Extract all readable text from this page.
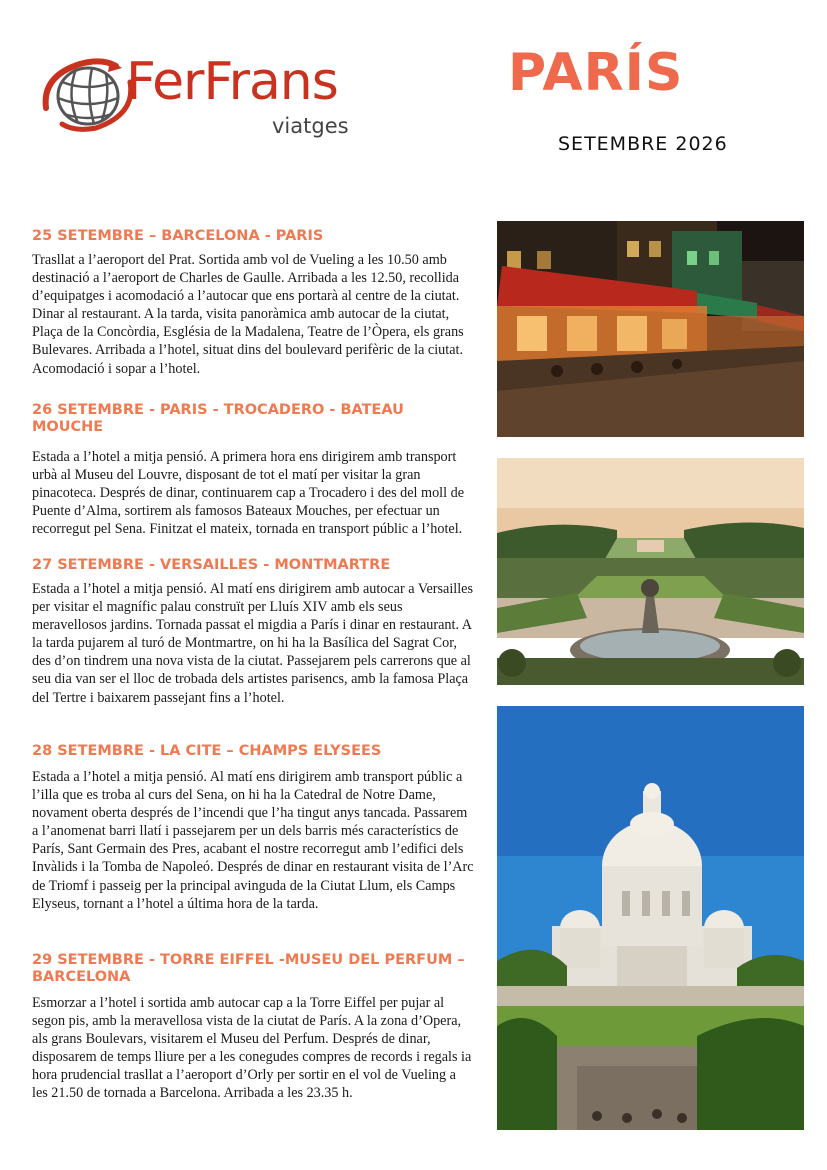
FerFrans
viatges
PARÍS
SETEMBRE 2026
25 SETEMBRE – BARCELONA - PARIS

Trasllat a l’aeroport del Prat. Sortida amb vol de Vueling a les 10.50 amb destinació a l’aeroport de Charles de Gaulle. Arribada a les 12.50, recollida d’equipatges i acomodació a l’autocar que ens portarà al centre de la ciutat. Dinar al restaurant. A la tarda, visita panoràmica amb autocar de la ciutat, Plaça de la Concòrdia, Església de la Madalena, Teatre de l’Òpera, els grans Bulevares. Arribada a l’hotel, situat dins del boulevard perifèric de la ciutat. Acomodació i sopar a l’hotel.

26 SETEMBRE - PARIS - TROCADERO - BATEAU MOUCHE

Estada a l’hotel a mitja pensió. A primera hora ens dirigirem amb transport urbà al Museu del Louvre, disposant de tot el matí per visitar la gran pinacoteca. Després de dinar, continuarem cap a Trocadero i des del moll de Puente d’Alma, sortirem als famosos Bateaux Mouches, per efectuar un recorregut pel Sena. Finitzat el mateix, tornada en transport públic a l’hotel.

27 SETEMBRE - VERSAILLES - MONTMARTRE

Estada a l’hotel a mitja pensió. Al matí ens dirigirem amb autocar a Versailles per visitar el magnífic palau construït per Lluís XIV amb els seus meravellosos jardins. Tornada passat el migdia a París i dinar en restaurant. A la tarda pujarem al turó de Montmartre, on hi ha la Basílica del Sagrat Cor, des d’on tindrem una nova vista de la ciutat. Passejarem pels carrerons que al seu dia van ser el lloc de trobada dels artistes parisencs, amb la famosa Plaça del Tertre i baixarem passejant fins a l’hotel.

28 SETEMBRE - LA CITE – CHAMPS ELYSEES

Estada a l’hotel a mitja pensió. Al matí ens dirigirem amb transport públic a l’illa que es troba al curs del Sena, on hi ha la Catedral de Notre Dame, novament oberta després de l’incendi que l’ha tingut anys tancada. Passarem a l’anomenat barri llatí i passejarem per un dels barris més característics de París, Sant Germain des Pres, acabant el nostre recorregut amb l’edifici dels Invàlids i la Tomba de Napoleó. Després de dinar en restaurant visita de l’Arc de Triomf i passeig per la principal avinguda de la Ciutat Llum, els Camps Elyseus, tornant a l’hotel a última hora de la tarda.

29 SETEMBRE - TORRE EIFFEL -MUSEU DEL PERFUM – BARCELONA

Esmorzar a l’hotel i sortida amb autocar cap a la Torre Eiffel per pujar al segon pis, amb la meravellosa vista de la ciutat de París. A la zona d’Opera, als grans Boulevars, visitarem el Museu del Perfum. Després de dinar, disposarem de temps lliure per a les conegudes compres de records i regals ia hora prudencial trasllat a l’aeroport d’Orly per sortir en el vol de Vueling a les 21.50 de tornada a Barcelona. Arribada a les 23.35 h.
